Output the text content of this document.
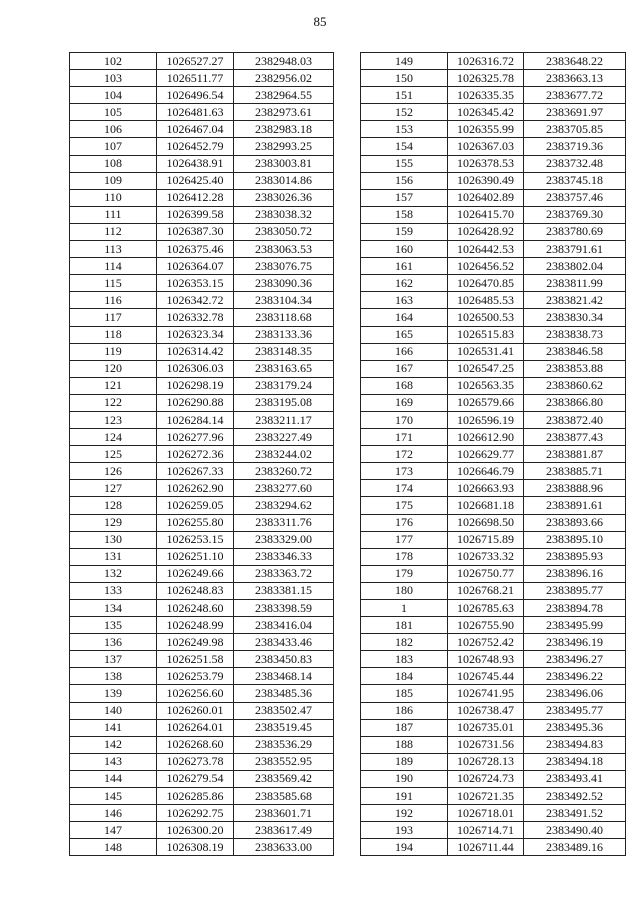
85
102	1026527.27	2382948.03
103	1026511.77	2382956.02
104	1026496.54	2382964.55
105	1026481.63	2382973.61
106	1026467.04	2382983.18
107	1026452.79	2382993.25
108	1026438.91	2383003.81
109	1026425.40	2383014.86
110	1026412.28	2383026.36
111	1026399.58	2383038.32
112	1026387.30	2383050.72
113	1026375.46	2383063.53
114	1026364.07	2383076.75
115	1026353.15	2383090.36
116	1026342.72	2383104.34
117	1026332.78	2383118.68
118	1026323.34	2383133.36
119	1026314.42	2383148.35
120	1026306.03	2383163.65
121	1026298.19	2383179.24
122	1026290.88	2383195.08
123	1026284.14	2383211.17
124	1026277.96	2383227.49
125	1026272.36	2383244.02
126	1026267.33	2383260.72
127	1026262.90	2383277.60
128	1026259.05	2383294.62
129	1026255.80	2383311.76
130	1026253.15	2383329.00
131	1026251.10	2383346.33
132	1026249.66	2383363.72
133	1026248.83	2383381.15
134	1026248.60	2383398.59
135	1026248.99	2383416.04
136	1026249.98	2383433.46
137	1026251.58	2383450.83
138	1026253.79	2383468.14
139	1026256.60	2383485.36
140	1026260.01	2383502.47
141	1026264.01	2383519.45
142	1026268.60	2383536.29
143	1026273.78	2383552.95
144	1026279.54	2383569.42
145	1026285.86	2383585.68
146	1026292.75	2383601.71
147	1026300.20	2383617.49
148	1026308.19	2383633.00
149	1026316.72	2383648.22
150	1026325.78	2383663.13
151	1026335.35	2383677.72
152	1026345.42	2383691.97
153	1026355.99	2383705.85
154	1026367.03	2383719.36
155	1026378.53	2383732.48
156	1026390.49	2383745.18
157	1026402.89	2383757.46
158	1026415.70	2383769.30
159	1026428.92	2383780.69
160	1026442.53	2383791.61
161	1026456.52	2383802.04
162	1026470.85	2383811.99
163	1026485.53	2383821.42
164	1026500.53	2383830.34
165	1026515.83	2383838.73
166	1026531.41	2383846.58
167	1026547.25	2383853.88
168	1026563.35	2383860.62
169	1026579.66	2383866.80
170	1026596.19	2383872.40
171	1026612.90	2383877.43
172	1026629.77	2383881.87
173	1026646.79	2383885.71
174	1026663.93	2383888.96
175	1026681.18	2383891.61
176	1026698.50	2383893.66
177	1026715.89	2383895.10
178	1026733.32	2383895.93
179	1026750.77	2383896.16
180	1026768.21	2383895.77
1	1026785.63	2383894.78
181	1026755.90	2383495.99
182	1026752.42	2383496.19
183	1026748.93	2383496.27
184	1026745.44	2383496.22
185	1026741.95	2383496.06
186	1026738.47	2383495.77
187	1026735.01	2383495.36
188	1026731.56	2383494.83
189	1026728.13	2383494.18
190	1026724.73	2383493.41
191	1026721.35	2383492.52
192	1026718.01	2383491.52
193	1026714.71	2383490.40
194	1026711.44	2383489.16
